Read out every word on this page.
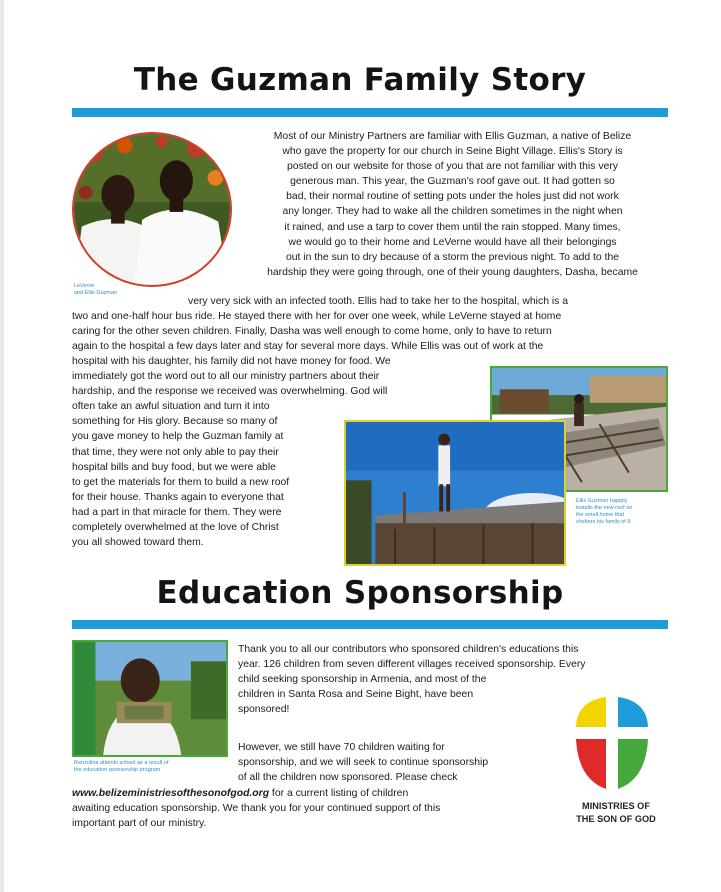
The Guzman Family Story
LeVerne
and Ellis Guzman
Most of our Ministry Partners are familiar with Ellis Guzman, a native of Belize
who gave the property for our church in Seine Bight Village. Ellis's Story is
posted on our website for those of you that are not familiar with this very
generous man. This year, the Guzman's roof gave out. It had gotten so
bad, their normal routine of setting pots under the holes just did not work
any longer. They had to wake all the children sometimes in the night when
it rained, and use a tarp to cover them until the rain stopped. Many times,
we would go to their home and LeVerne would have all their belongings
out in the sun to dry because of a storm the previous night. To add to the
hardship they were going through, one of their young daughters, Dasha, became
very very sick with an infected tooth. Ellis had to take her to the hospital, which is a
two and one-half hour bus ride. He stayed there with her for over one week, while LeVerne stayed at home
caring for the other seven children. Finally, Dasha was well enough to come home, only to have to return
again to the hospital a few days later and stay for several more days. While Ellis was out of work at the
hospital with his daughter, his family did not have money for food. We
immediately got the word out to all our ministry partners about their
hardship, and the response we received was overwhelming. God will
often take an awful situation and turn it into
something for His glory. Because so many of
you gave money to help the Guzman family at
that time, they were not only able to pay their
hospital bills and buy food, but we were able
to get the materials for them to build a new roof
for their house. Thanks again to everyone that
had a part in that miracle for them. They were
completely overwhelmed at the love of Christ
you all showed toward them.
Ellis Guzman happily
installs the new roof on
the small home that
shelters his family of 9
Education Sponsorship
Renzolina attends school as a result of
the education sponsorship program
Thank you to all our contributors who sponsored children's educations this
year. 126 children from seven different villages received sponsorship. Every
child seeking sponsorship in Armenia, and most of the
children in Santa Rosa and Seine Bight, have been
sponsored!
However, we still have 70 children waiting for
sponsorship, and we will seek to continue sponsorship
of all the children now sponsored. Please check
www.belizeministriesofthesonofgod.org for a current listing of children
awaiting education sponsorship. We thank you for your continued support of this
important part of our ministry.
MINISTRIES OF
THE SON OF GOD
